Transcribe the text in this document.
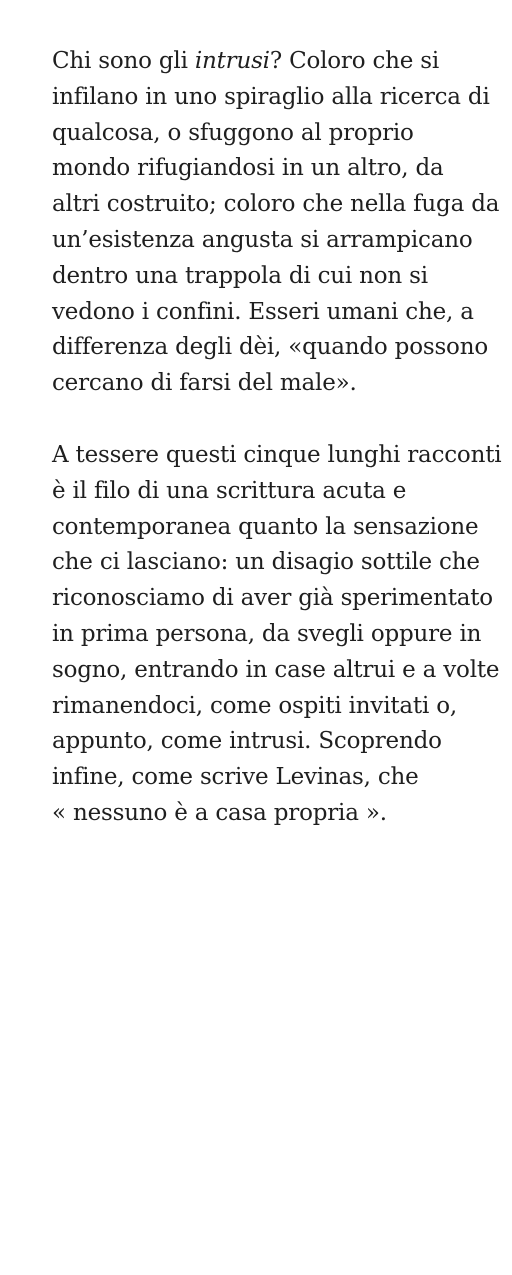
Chi sono gli intrusi? Coloro che si
infilano in uno spiraglio alla ricerca di
qualcosa, o sfuggono al proprio
mondo rifugiandosi in un altro, da
altri costruito; coloro che nella fuga da
un’esistenza angusta si arrampicano
dentro una trappola di cui non si
vedono i confini. Esseri umani che, a
differenza degli dèi, «quando possono
cercano di farsi del male».

A tessere questi cinque lunghi racconti
è il filo di una scrittura acuta e
contemporanea quanto la sensazione
che ci lasciano: un disagio sottile che
riconosciamo di aver già sperimentato
in prima persona, da svegli oppure in
sogno, entrando in case altrui e a volte
rimanendoci, come ospiti invitati o,
appunto, come intrusi. Scoprendo
infine, come scrive Levinas, che
« nessuno è a casa propria ».
